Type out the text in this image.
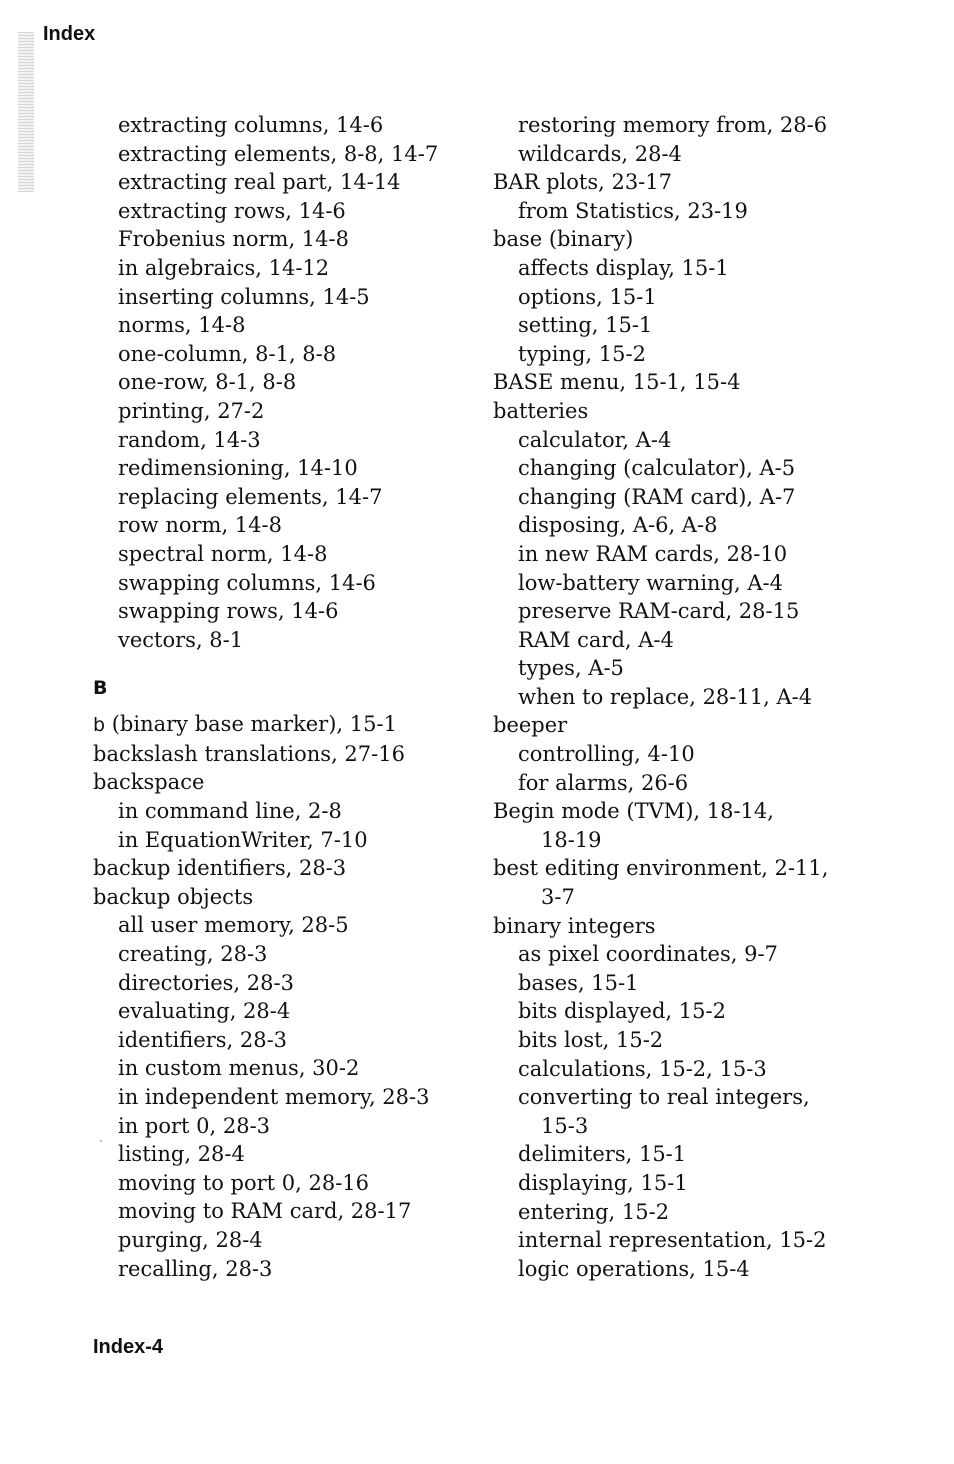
Index
extracting columns, 14-6
extracting elements, 8-8, 14-7
extracting real part, 14-14
extracting rows, 14-6
Frobenius norm, 14-8
in algebraics, 14-12
inserting columns, 14-5
norms, 14-8
one-column, 8-1, 8-8
one-row, 8-1, 8-8
printing, 27-2
random, 14-3
redimensioning, 14-10
replacing elements, 14-7
row norm, 14-8
spectral norm, 14-8
swapping columns, 14-6
swapping rows, 14-6
vectors, 8-1
B
b (binary base marker), 15-1
backslash translations, 27-16
backspace
in command line, 2-8
in EquationWriter, 7-10
backup identifiers, 28-3
backup objects
all user memory, 28-5
creating, 28-3
directories, 28-3
evaluating, 28-4
identifiers, 28-3
in custom menus, 30-2
in independent memory, 28-3
in port 0, 28-3
listing, 28-4
moving to port 0, 28-16
moving to RAM card, 28-17
purging, 28-4
recalling, 28-3
restoring memory from, 28-6
wildcards, 28-4
BAR plots, 23-17
from Statistics, 23-19
base (binary)
affects display, 15-1
options, 15-1
setting, 15-1
typing, 15-2
BASE menu, 15-1, 15-4
batteries
calculator, A-4
changing (calculator), A-5
changing (RAM card), A-7
disposing, A-6, A-8
in new RAM cards, 28-10
low-battery warning, A-4
preserve RAM-card, 28-15
RAM card, A-4
types, A-5
when to replace, 28-11, A-4
beeper
controlling, 4-10
for alarms, 26-6
Begin mode (TVM), 18-14,
18-19
best editing environment, 2-11,
3-7
binary integers
as pixel coordinates, 9-7
bases, 15-1
bits displayed, 15-2
bits lost, 15-2
calculations, 15-2, 15-3
converting to real integers,
15-3
delimiters, 15-1
displaying, 15-1
entering, 15-2
internal representation, 15-2
logic operations, 15-4
Index-4
